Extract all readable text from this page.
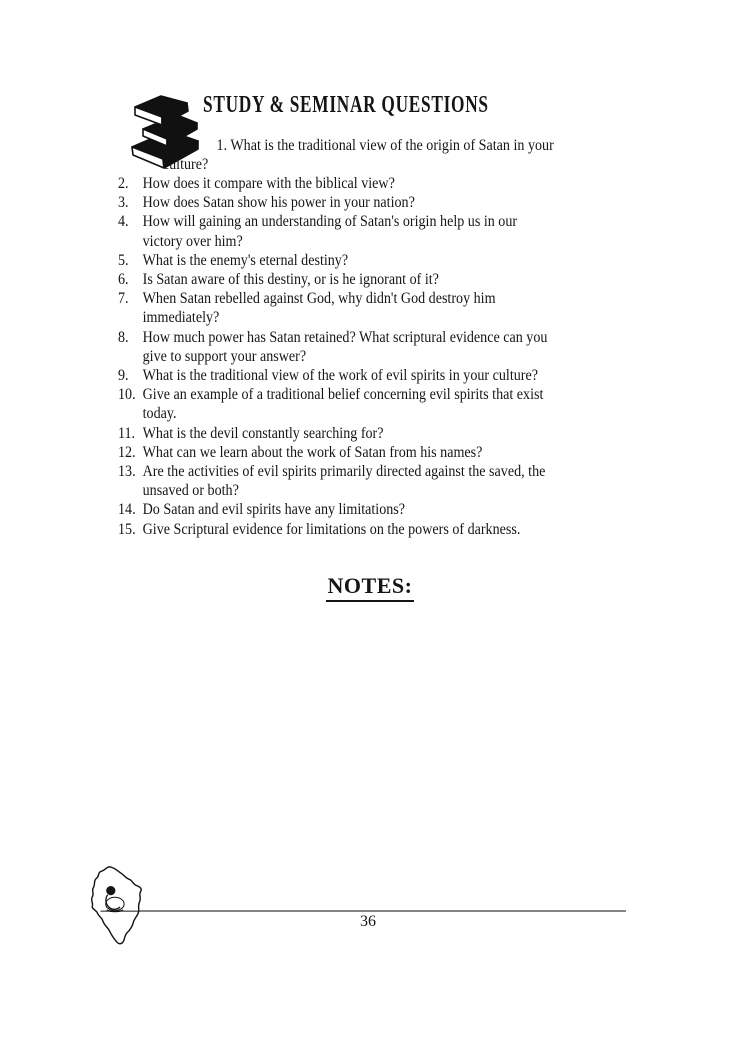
STUDY & SEMINAR QUESTIONS
1. What is the traditional view of the origin of Satan in your
culture?
2. How does it compare with the biblical view?
3. How does Satan show his power in your nation?
4. How will gaining an understanding of Satan's origin help us in our
victory over him?
5. What is the enemy's eternal destiny?
6. Is Satan aware of this destiny, or is he ignorant of it?
7. When Satan rebelled against God, why didn't God destroy him
immediately?
8. How much power has Satan retained? What scriptural evidence can you
give to support your answer?
9. What is the traditional view of the work of evil spirits in your culture?
10. Give an example of a traditional belief concerning evil spirits that exist
today.
11. What is the devil constantly searching for?
12. What can we learn about the work of Satan from his names?
13. Are the activities of evil spirits primarily directed against the saved, the
unsaved or both?
14. Do Satan and evil spirits have any limitations?
15. Give Scriptural evidence for limitations on the powers of darkness.
NOTES:
36
